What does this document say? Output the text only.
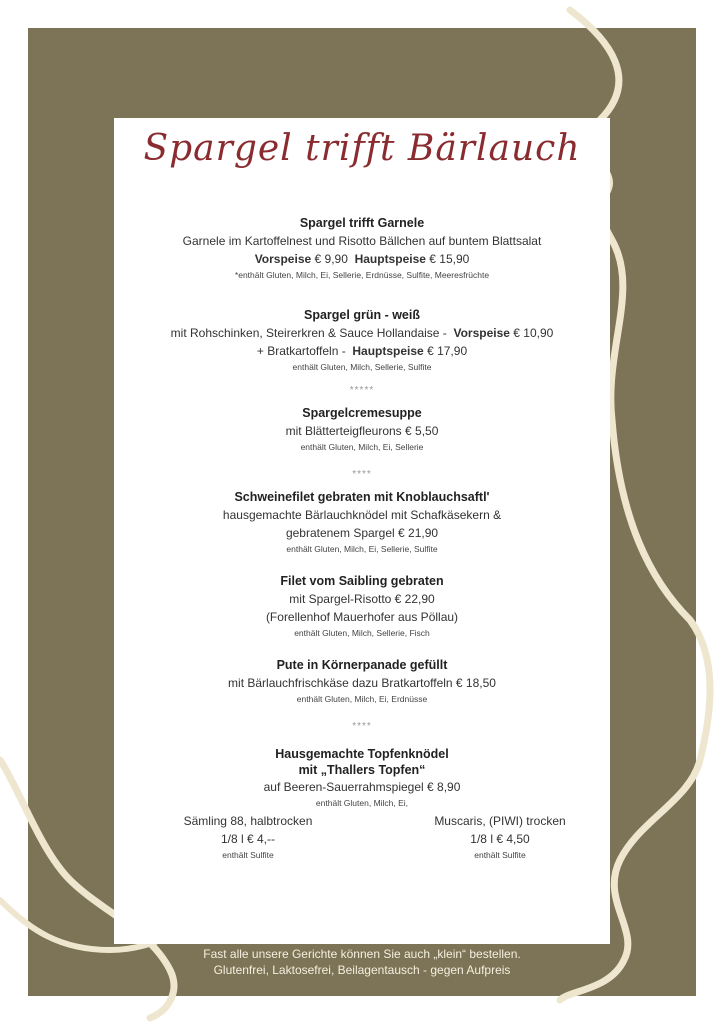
Spargel trifft Bärlauch
Spargel trifft Garnele
Garnele im Kartoffelnest und Risotto Bällchen auf buntem Blattsalat
Vorspeise € 9,90 Hauptspeise € 15,90
*enthält Gluten, Milch, Ei, Sellerie, Erdnüsse, Sulfite, Meeresfrüchte
Spargel grün - weiß
mit Rohschinken, Steirerkren & Sauce Hollandaise - Vorspeise € 10,90
+ Bratkartoffeln - Hauptspeise € 17,90
enthält Gluten, Milch, Sellerie, Sulfite
*****
Spargelcremesuppe
mit Blätterteigfleurons € 5,50
enthält Gluten, Milch, Ei, Sellerie
****
Schweinefilet gebraten mit Knoblauchsaftl'
hausgemachte Bärlauchknödel mit Schafkäsekern &
gebratenem Spargel € 21,90
enthält Gluten, Milch, Ei, Sellerie, Sulfite
Filet vom Saibling gebraten
mit Spargel-Risotto € 22,90
(Forellenhof Mauerhofer aus Pöllau)
enthält Gluten, Milch, Sellerie, Fisch
Pute in Körnerpanade gefüllt
mit Bärlauchfrischkäse dazu Bratkartoffeln € 18,50
enthält Gluten, Milch, Ei, Erdnüsse
****
Hausgemachte Topfenknödel
mit „Thallers Topfen“
auf Beeren-Sauerrahmspiegel € 8,90
enthält Gluten, Milch, Ei,
Sämling 88, halbtrocken
1/8 l € 4,--
enthält Sulfite
Muscaris, (PIWI) trocken
1/8 l € 4,50
enthält Sulfite
Fast alle unsere Gerichte können Sie auch „klein“ bestellen.
Glutenfrei, Laktosefrei, Beilagentausch - gegen Aufpreis
